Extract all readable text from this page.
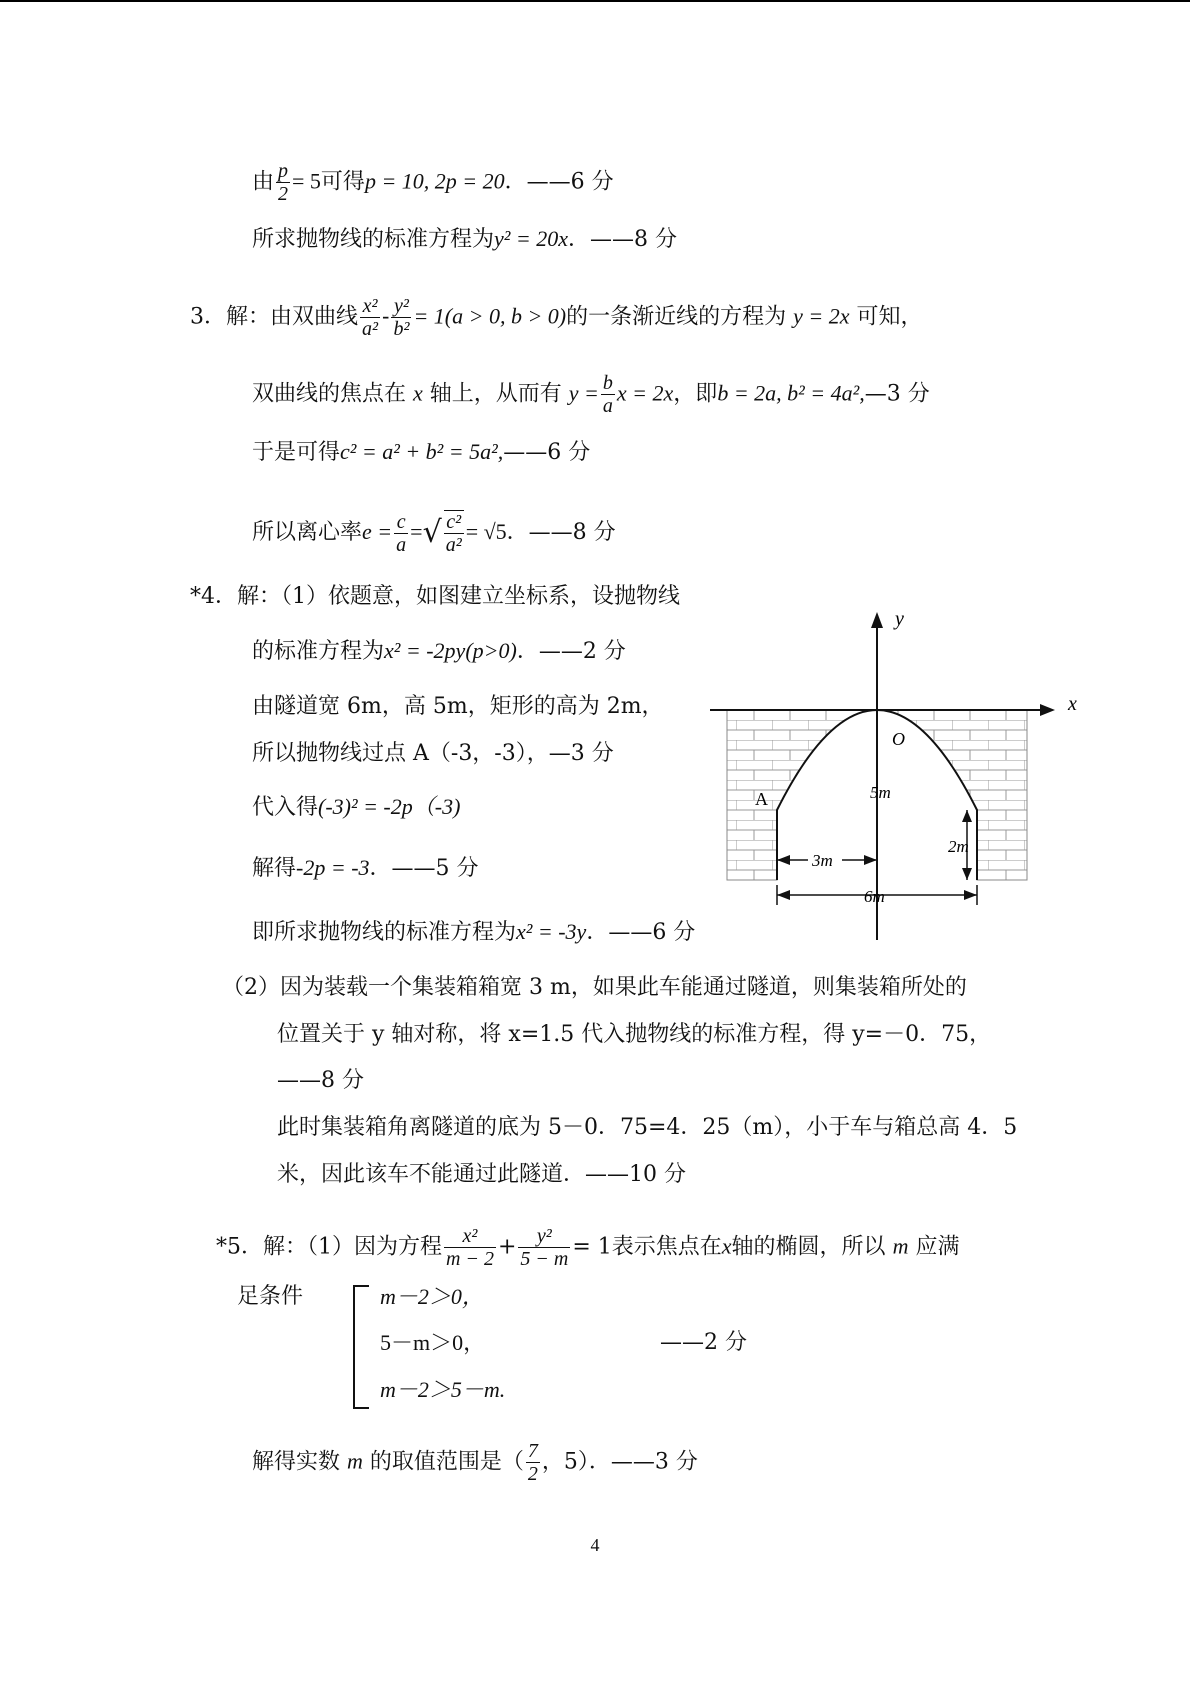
由 $\frac{p}{2} = 5$可得p = 10, 2p = 20．——6 分
所求抛物线的标准方程为y² = 20x．——8 分
3．解：由双曲线 $\frac{\text{x²}}{\text{a²}} - \frac{\text{y²}}{\text{b²}} = 1(a > 0$, b > 0)的一条渐近线的方程为 y = 2x 可知，
双曲线的焦点在 x 轴上，从而有 $y = \frac{b}{a}$ x = 2x，即b = 2a, b² = 4a²,—3 分
于是可得c² = a² + b² = 5a²,——6 分
所以离心率$e = \frac{c}{a}$ =√ $\frac{\text{c²}}{\text{a²}} = √5$．——8 分
*4．解：（1）依题意，如图建立坐标系，设抛物线
的标准方程为x² = -2py(p>0)．——2 分
由隧道宽 6m，高 5m，矩形的高为 2m，
所以抛物线过点 A（-3，-3），—3 分
代入得(-3)² = -2p（-3)
解得-2p = -3．——5 分
即所求抛物线的标准方程为x² = -3y．——6 分
y
x
O
A	5m
2m
3m
6m
（2）因为装载一个集装箱箱宽 3 m，如果此车能通过隧道，则集装箱所处的
位置关于 y 轴对称，将 x=1.5 代入抛物线的标准方程，得 y=－0．75，
——8 分
此时集装箱角离隧道的底为 5－0．75=4．25（m），小于车与箱总高 4．5
米，因此该车不能通过此隧道．——10 分
*5．解：（1）因为方程 $\frac{\text{x²}}{m - 2} + \frac{\text{y²}}{5 - m} = 1$表示焦点在x轴的椭圆，所以 m 应满
足条件	m－2＞0，
5－m＞0，	——2 分
m－2＞5－m.
解得实数 m 的取值范围是（ $\frac{7}{2}$ ，5）．——3 分
4
